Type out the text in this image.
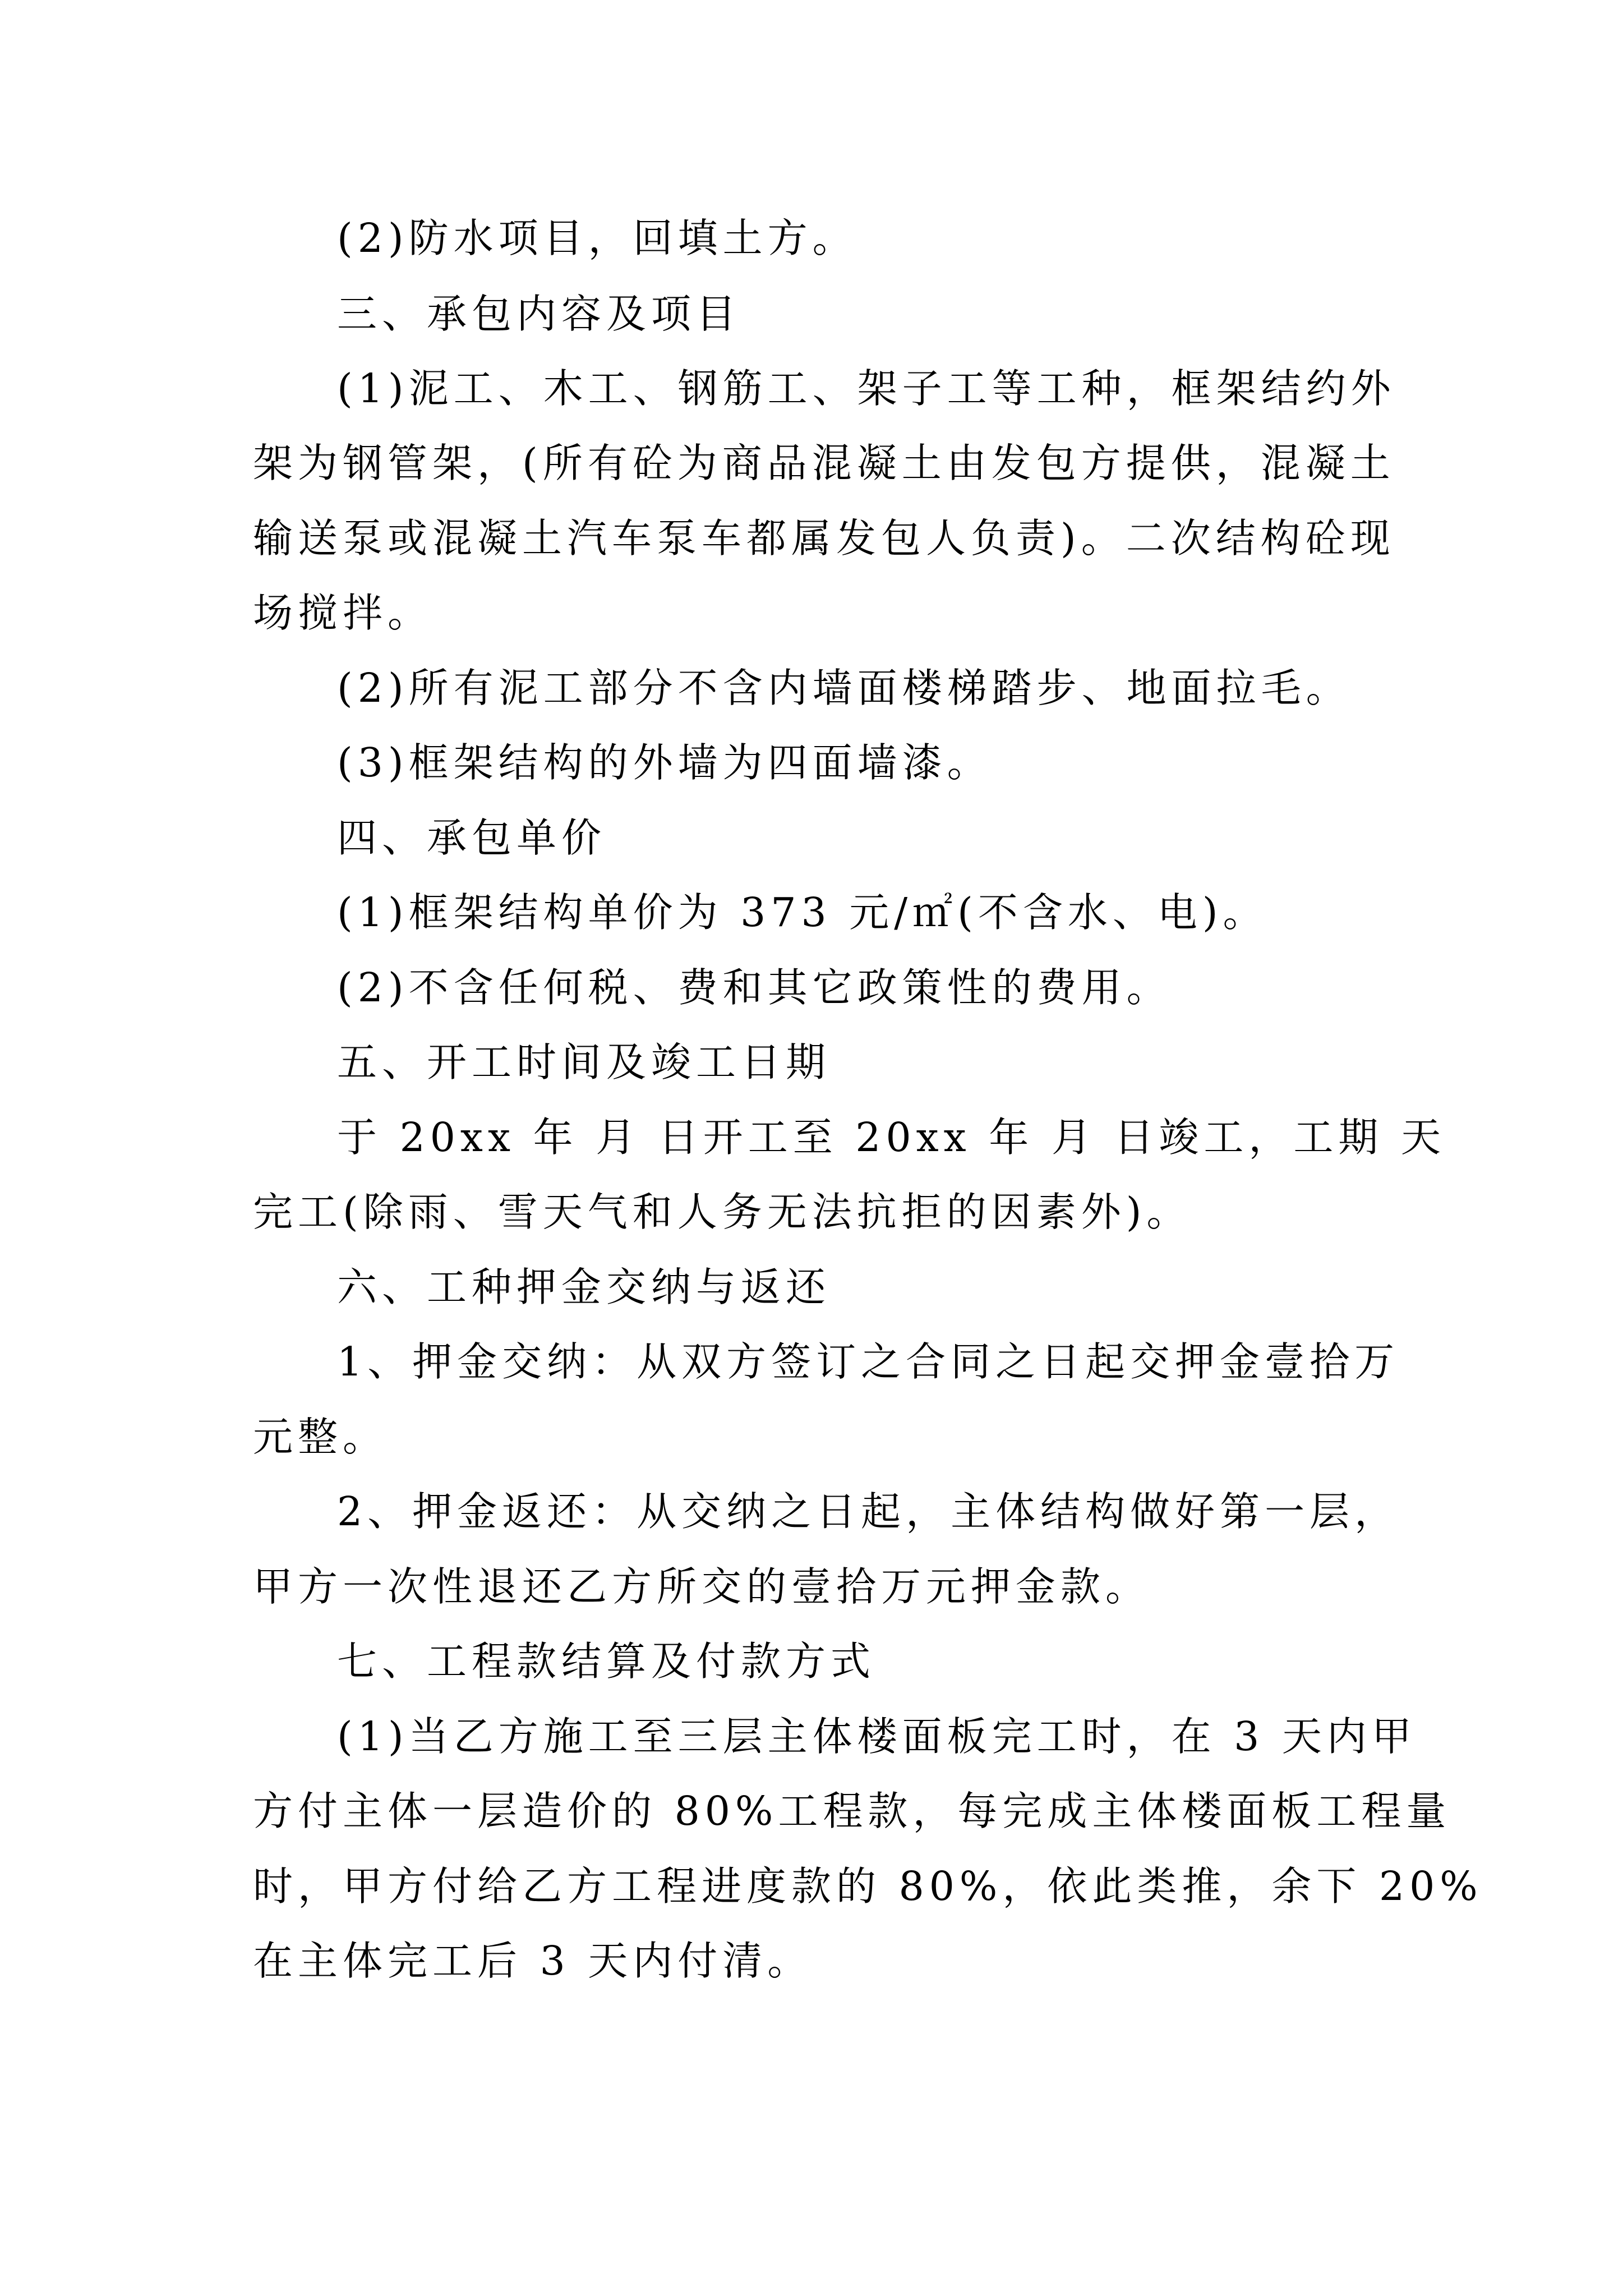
(2)防水项目，回填土方。
三、承包内容及项目
(1)泥工、木工、钢筋工、架子工等工种，框架结约外
架为钢管架，(所有砼为商品混凝土由发包方提供，混凝土
输送泵或混凝土汽车泵车都属发包人负责)。二次结构砼现
场搅拌。
(2)所有泥工部分不含内墙面楼梯踏步、地面拉毛。
(3)框架结构的外墙为四面墙漆。
四、承包单价
(1)框架结构单价为 373 元/㎡(不含水、电)。
(2)不含任何税、费和其它政策性的费用。
五、开工时间及竣工日期
于 20xx 年 月 日开工至 20xx 年 月 日竣工，工期 天
完工(除雨、雪天气和人务无法抗拒的因素外)。
六、工种押金交纳与返还
1、押金交纳：从双方签订之合同之日起交押金壹拾万
元整。
2、押金返还：从交纳之日起，主体结构做好第一层，
甲方一次性退还乙方所交的壹拾万元押金款。
七、工程款结算及付款方式
(1)当乙方施工至三层主体楼面板完工时，在 3 天内甲
方付主体一层造价的 80%工程款，每完成主体楼面板工程量
时，甲方付给乙方工程进度款的 80%，依此类推，余下 20%
在主体完工后 3 天内付清。
